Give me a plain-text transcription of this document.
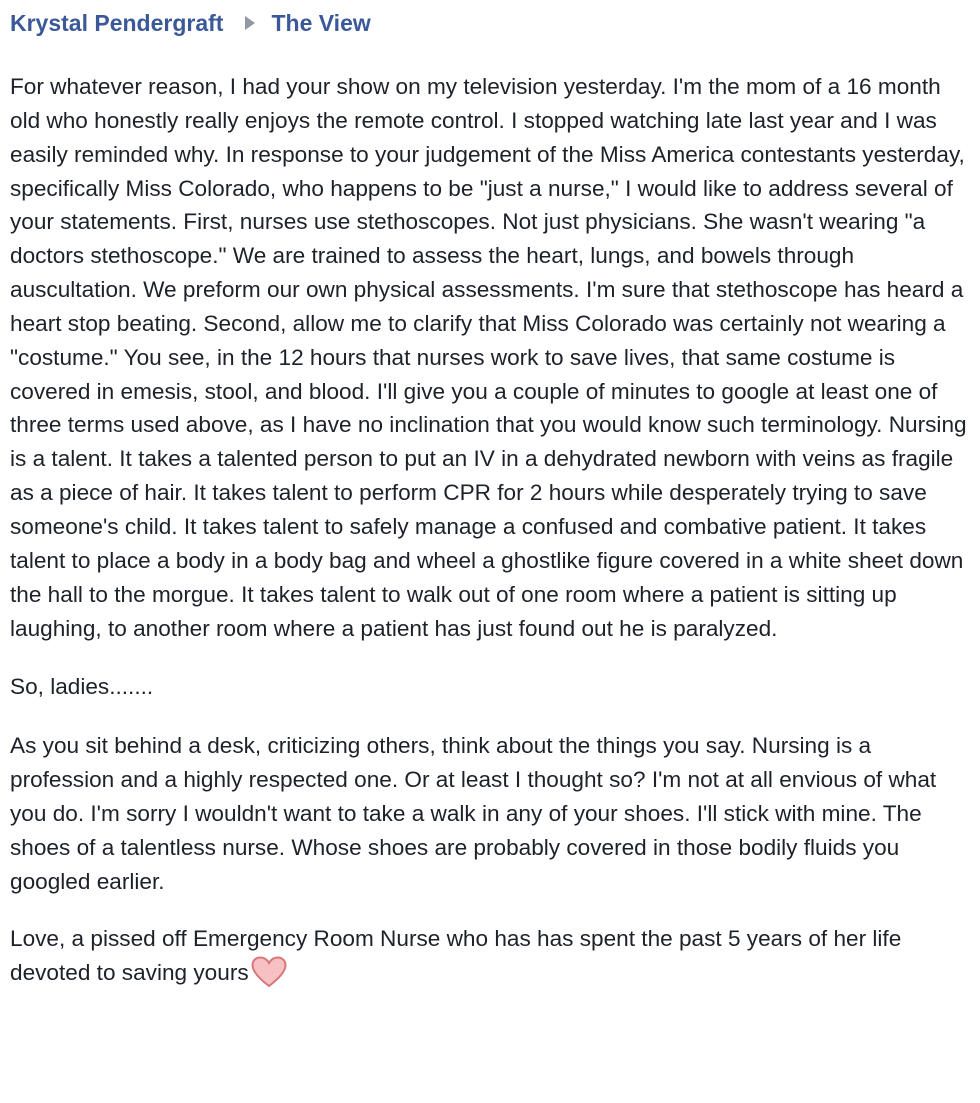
Krystal Pendergraft The View

For whatever reason, I had your show on my television yesterday. I'm the mom of a 16 month old who honestly really enjoys the remote control. I stopped watching late last year and I was easily reminded why. In response to your judgement of the Miss America contestants yesterday, specifically Miss Colorado, who happens to be "just a nurse," I would like to address several of your statements. First, nurses use stethoscopes. Not just physicians. She wasn't wearing "a doctors stethoscope." We are trained to assess the heart, lungs, and bowels through auscultation. We preform our own physical assessments. I'm sure that stethoscope has heard a heart stop beating. Second, allow me to clarify that Miss Colorado was certainly not wearing a "costume." You see, in the 12 hours that nurses work to save lives, that same costume is covered in emesis, stool, and blood. I'll give you a couple of minutes to google at least one of three terms used above, as I have no inclination that you would know such terminology. Nursing is a talent. It takes a talented person to put an IV in a dehydrated newborn with veins as fragile as a piece of hair. It takes talent to perform CPR for 2 hours while desperately trying to save someone's child. It takes talent to safely manage a confused and combative patient. It takes talent to place a body in a body bag and wheel a ghostlike figure covered in a white sheet down the hall to the morgue. It takes talent to walk out of one room where a patient is sitting up laughing, to another room where a patient has just found out he is paralyzed.

So, ladies.......

As you sit behind a desk, criticizing others, think about the things you say. Nursing is a profession and a highly respected one. Or at least I thought so? I'm not at all envious of what you do. I'm sorry I wouldn't want to take a walk in any of your shoes. I'll stick with mine. The shoes of a talentless nurse. Whose shoes are probably covered in those bodily fluids you googled earlier.

Love, a pissed off Emergency Room Nurse who has has spent the past 5 years of her life devoted to saving yours
